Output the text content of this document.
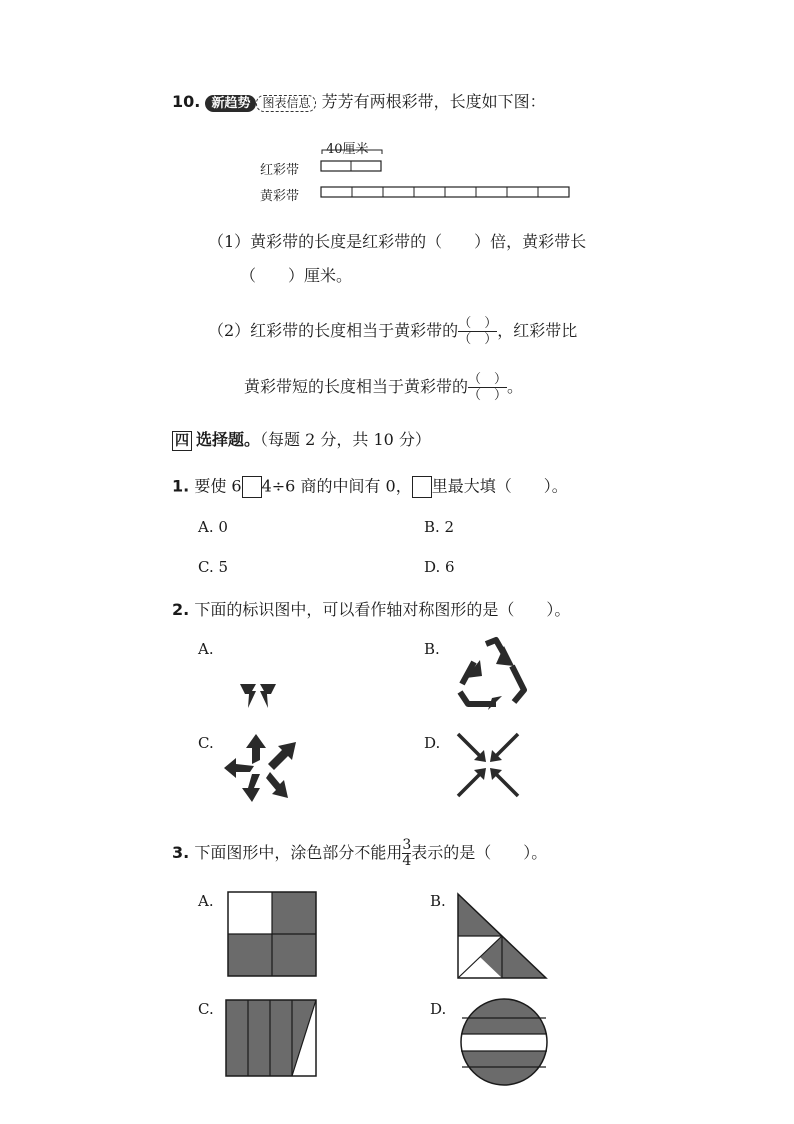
10. 新趋势 图表信息 芳芳有两根彩带，长度如下图：
40厘米
红彩带
黄彩带
（1）黄彩带的长度是红彩带的（　　）倍，黄彩带长
（　　）厘米。
（2）红彩带的长度相当于黄彩带的$\frac{( )}{( )}$，红彩带比
黄彩带短的长度相当于黄彩带的$\frac{( )}{( )}$。
四 选择题。（每题 2 分，共 10 分）
1. 要使 6 4÷6 商的中间有 0， 里最大填（　　）。
A. 0	B. 2
C. 5	D. 6
2. 下面的标识图中，可以看作轴对称图形的是（　　）。
A.	B.
C.	D.
3. 下面图形中，涂色部分不能用$\frac{3}{4}$表示的是（　　）。
A.	B.
C.	D.
